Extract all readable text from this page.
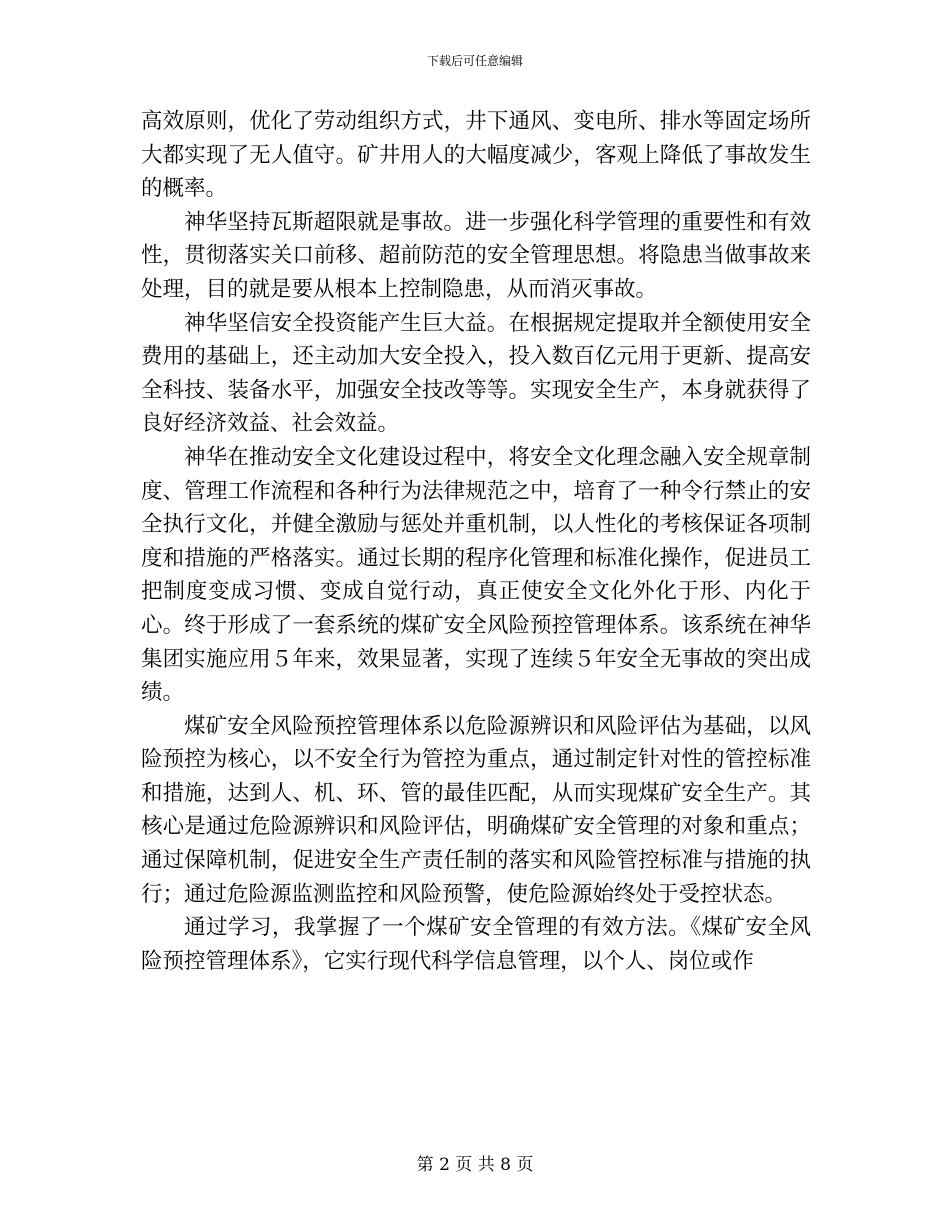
下载后可任意编辑

高效原则，优化了劳动组织方式，井下通风、变电所、排水等固定场所大都实现了无人值守。矿井用人的大幅度减少，客观上降低了事故发生的概率。

神华坚持瓦斯超限就是事故。进一步强化科学管理的重要性和有效性，贯彻落实关口前移、超前防范的安全管理思想。将隐患当做事故来处理，目的就是要从根本上控制隐患，从而消灭事故。

神华坚信安全投资能产生巨大益。在根据规定提取并全额使用安全费用的基础上，还主动加大安全投入，投入数百亿元用于更新、提高安全科技、装备水平，加强安全技改等等。实现安全生产，本身就获得了良好经济效益、社会效益。

神华在推动安全文化建设过程中，将安全文化理念融入安全规章制度、管理工作流程和各种行为法律规范之中，培育了一种令行禁止的安全执行文化，并健全激励与惩处并重机制，以人性化的考核保证各项制度和措施的严格落实。通过长期的程序化管理和标准化操作，促进员工把制度变成习惯、变成自觉行动，真正使安全文化外化于形、内化于心。终于形成了一套系统的煤矿安全风险预控管理体系。该系统在神华集团实施应用５年来，效果显著，实现了连续５年安全无事故的突出成绩。

煤矿安全风险预控管理体系以危险源辨识和风险评估为基础，以风险预控为核心，以不安全行为管控为重点，通过制定针对性的管控标准和措施，达到人、机、环、管的最佳匹配，从而实现煤矿安全生产。其核心是通过危险源辨识和风险评估，明确煤矿安全管理的对象和重点；通过保障机制，促进安全生产责任制的落实和风险管控标准与措施的执行；通过危险源监测监控和风险预警，使危险源始终处于受控状态。

通过学习，我掌握了一个煤矿安全管理的有效方法。《煤矿安全风险预控管理体系》，它实行现代科学信息管理，以个人、岗位或作

第 2 页 共 8 页
